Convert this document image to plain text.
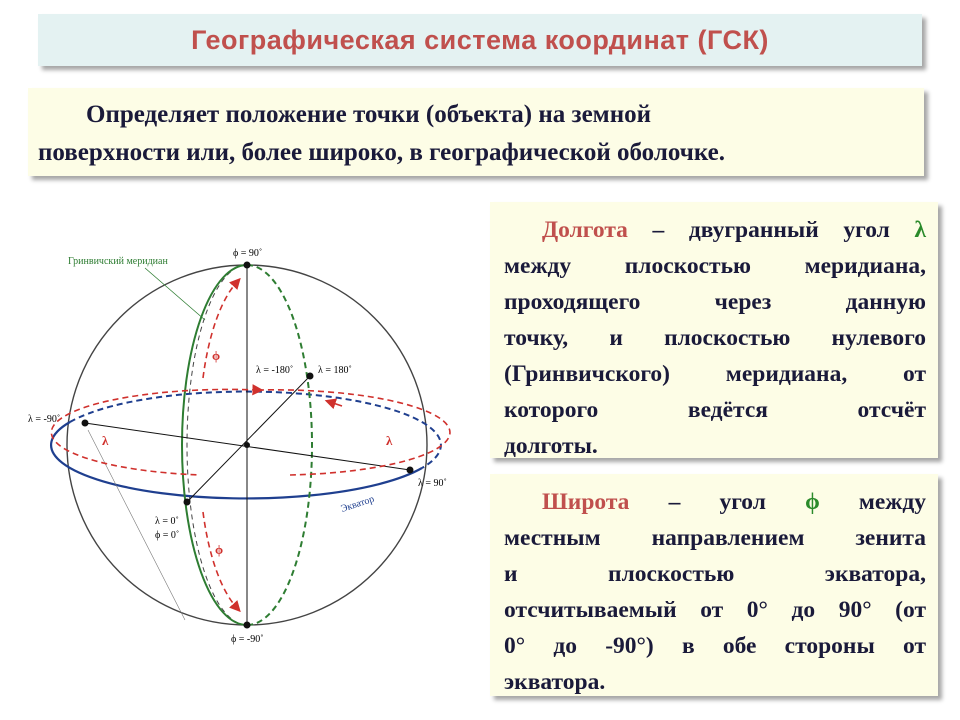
Географическая система координат (ГСК)
Определяет положение точки (объекта) на земной
поверхности или, более широко, в географической оболочке.
Гринвичский меридиан
ϕ = 90˚
ϕ = -90˚
λ = -180˚ λ = 180˚
λ = -90˚
λ = 90˚
λ = 0˚
ϕ = 0˚
Экватор
ϕ
ϕ
λ	λ
Долгота – двугранный угол λ
между плоскостью меридиана,
проходящего через данную
точку, и плоскостью нулевого
(Гринвичского) меридиана, от
которого ведётся отсчёт
долготы.
Широта – угол ϕ между
местным направлением зенита
и плоскостью экватора,
отсчитываемый от 0° до 90° (от
0° до -90°) в обе стороны от
экватора.
